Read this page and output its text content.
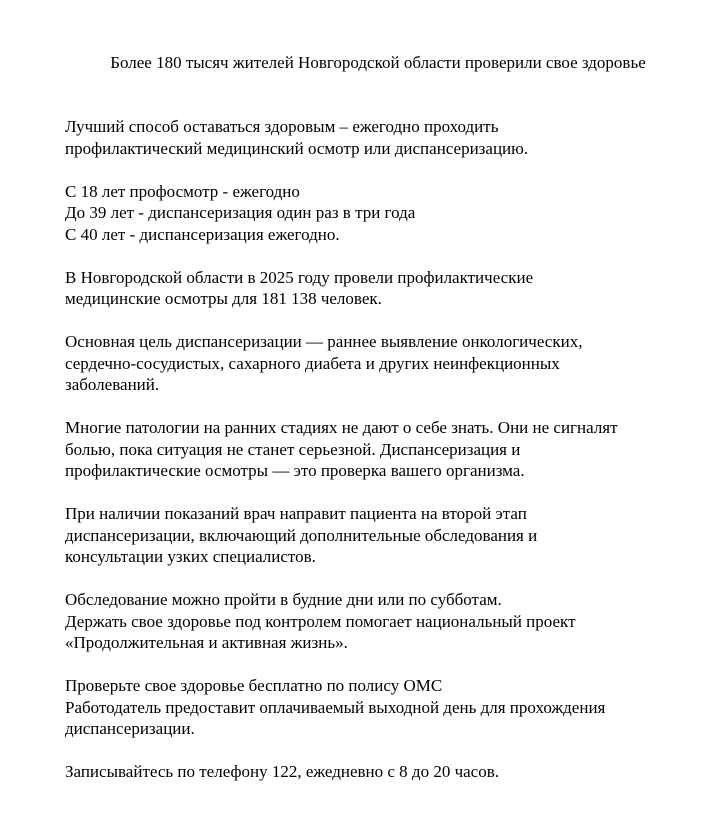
Более 180 тысяч жителей Новгородской области проверили свое здоровье

Лучший способ оставаться здоровым – ежегодно проходить
профилактический медицинский осмотр или диспансеризацию.

С 18 лет профосмотр - ежегодно
До 39 лет - диспансеризация один раз в три года
С 40 лет - диспансеризация ежегодно.

В Новгородской области в 2025 году провели профилактические
медицинские осмотры для 181 138 человек.

Основная цель диспансеризации — раннее выявление онкологических,
сердечно-сосудистых, сахарного диабета и других неинфекционных
заболеваний.

Многие патологии на ранних стадиях не дают о себе знать. Они не сигналят
болью, пока ситуация не станет серьезной. Диспансеризация и
профилактические осмотры — это проверка вашего организма.

При наличии показаний врач направит пациента на второй этап
диспансеризации, включающий дополнительные обследования и
консультации узких специалистов.

Обследование можно пройти в будние дни или по субботам.
Держать свое здоровье под контролем помогает национальный проект
«Продолжительная и активная жизнь».

Проверьте свое здоровье бесплатно по полису ОМС
Работодатель предоставит оплачиваемый выходной день для прохождения
диспансеризации.

Записывайтесь по телефону 122, ежедневно с 8 до 20 часов.
